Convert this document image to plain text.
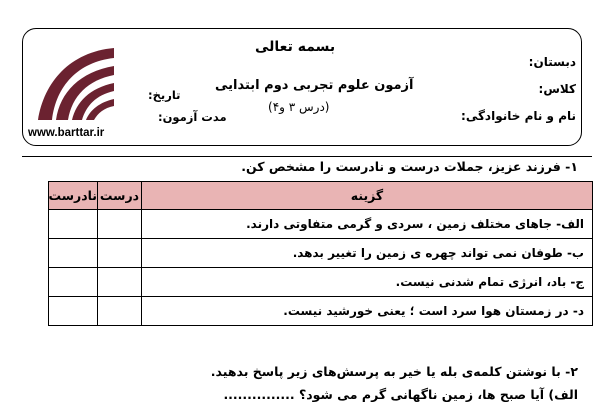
www.barttar.ir
بسمه تعالی
آزمون علوم تجربی دوم ابتدایی
(درس ۳ و۴)
دبستان:
کلاس:
نام و نام خانوادگی:
تاریخ:
مدت آزمون:
۱- فرزند عزیز، جملات درست و نادرست را مشخص کن.
گزینه	درست	نادرست
الف- جاهای مختلف زمین ، سردی و گرمی متفاوتی دارند.		
ب- طوفان نمی تواند چهره ی زمین را تغییر بدهد.		
ج- باد، انرژی تمام شدنی نیست.		
د- در زمستان هوا سرد است ؛ یعنی خورشید نیست.		
۲- با نوشتن کلمه‌ی بله یا خیر به پرسش‌های زیر پاسخ بدهید.
الف) آیا صبح ها، زمین ناگهانی گرم می شود؟ ...............
